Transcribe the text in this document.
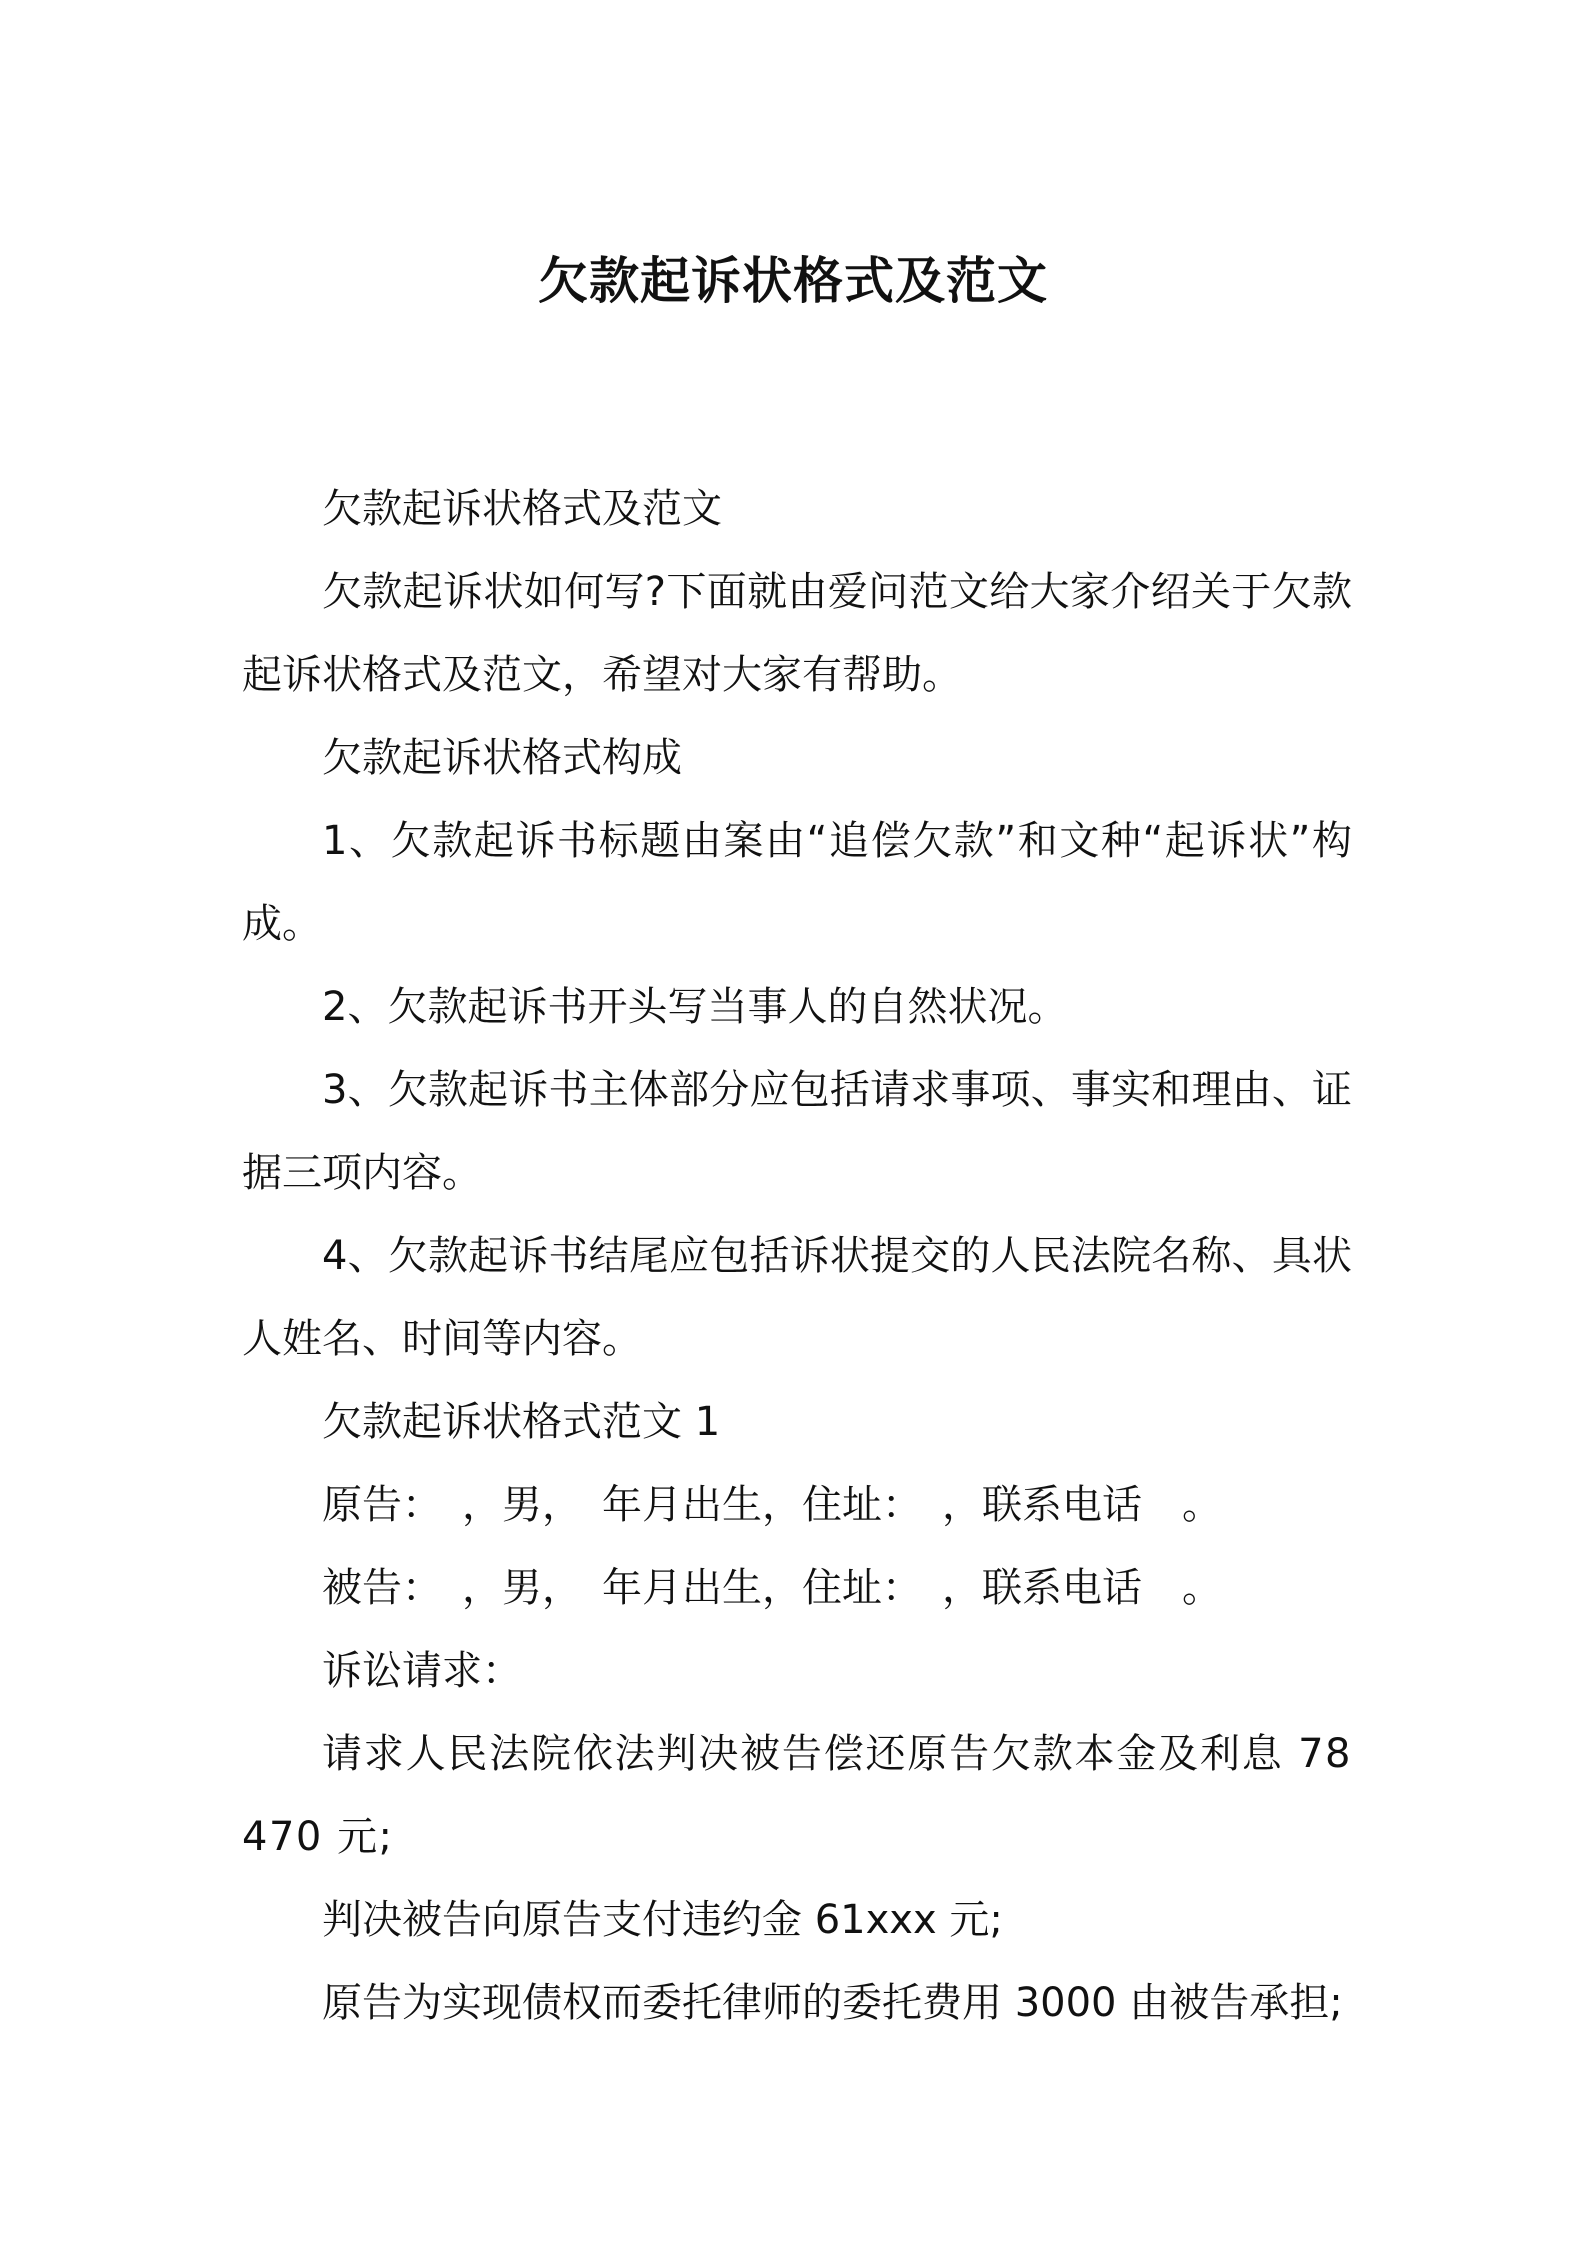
欠款起诉状格式及范文

欠款起诉状格式及范文

欠款起诉状如何写?下面就由爱问范文给大家介绍关于欠款起诉状格式及范文，希望对大家有帮助。

欠款起诉状格式构成

1、欠款起诉书标题由案由“追偿欠款”和文种“起诉状”构成。

2、欠款起诉书开头写当事人的自然状况。

3、欠款起诉书主体部分应包括请求事项、事实和理由、证据三项内容。

4、欠款起诉书结尾应包括诉状提交的人民法院名称、具状人姓名、时间等内容。

欠款起诉状格式范文 1

原告：　，男，　年月出生，住址：　，联系电话　。

被告：　，男，　年月出生，住址：　，联系电话　。

诉讼请求：

请求人民法院依法判决被告偿还原告欠款本金及利息 78470 元;

判决被告向原告支付违约金 61xxx 元;

原告为实现债权而委托律师的委托费用 3000 由被告承担;
